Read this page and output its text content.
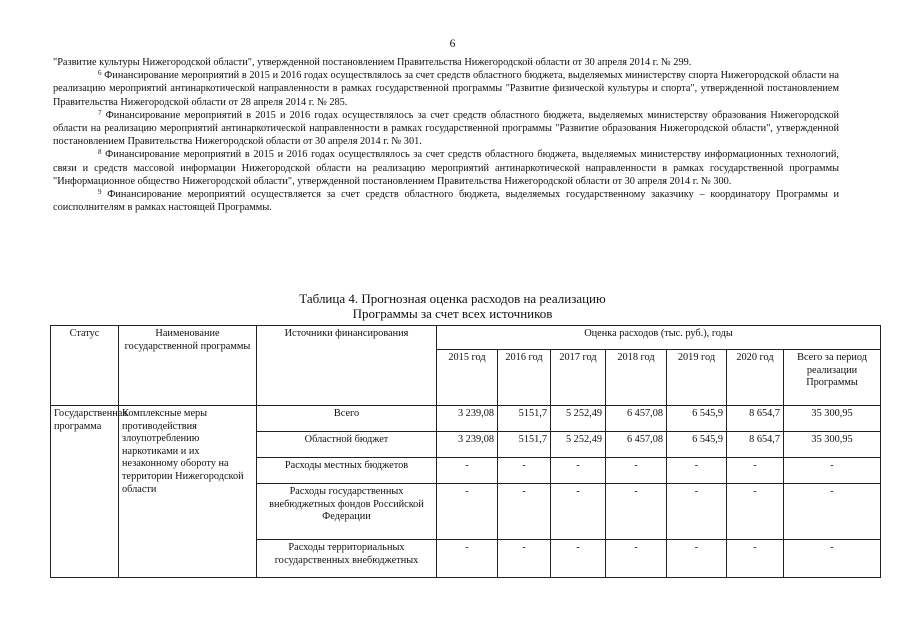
6

"Развитие культуры Нижегородской области", утвержденной постановлением Правительства Нижегородской области от 30 апреля 2014 г. № 299.

$^6$ Финансирование мероприятий в 2015 и 2016 годах осуществлялось за счет средств областного бюджета, выделяемых министерству спорта Нижегородской области на реализацию мероприятий антинаркотической направленности в рамках государственной программы "Развитие физической культуры и спорта", утвержденной постановлением Правительства Нижегородской области от 28 апреля 2014 г. № 285.

$^7$ Финансирование мероприятий в 2015 и 2016 годах осуществлялось за счет средств областного бюджета, выделяемых министерству образования Нижегородской области на реализацию мероприятий антинаркотической направленности в рамках государственной программы "Развитие образования Нижегородской области", утвержденной постановлением Правительства Нижегородской области от 30 апреля 2014 г. № 301.

$^8$ Финансирование мероприятий в 2015 и 2016 годах осуществлялось за счет средств областного бюджета, выделяемых министерству информационных технологий, связи и средств массовой информации Нижегородской области на реализацию мероприятий антинаркотической направленности в рамках государственной программы "Информационное общество Нижегородской области", утвержденной постановлением Правительства Нижегородской области от 30 апреля 2014 г. № 300.

$^9$ Финансирование мероприятий осуществляется за счет средств областного бюджета, выделяемых государственному заказчику – координатору Программы и соисполнителям в рамках настоящей Программы.

Таблица 4. Прогнозная оценка расходов на реализацию
Программы за счет всех источников
Статус	Наименование государственной программы	Источники финансирования	Оценка расходов (тыс. руб.), годы						
			2015 год	2016 год	2017 год	2018 год	2019 год	2020 год	Всего за период реализации Программы
Государственная программа	Комплексные меры противодействия злоупотреблению наркотиками и их незаконному обороту на территории Нижегородской области	Всего	3 239,08	5151,7	5 252,49	6 457,08	6 545,9	8 654,7	35 300,95
		Областной бюджет	3 239,08	5151,7	5 252,49	6 457,08	6 545,9	8 654,7	35 300,95
		Расходы местных бюджетов	-	-	-	-	-	-	-
		Расходы государственных внебюджетных фондов Российской Федерации	-	-	-	-	-	-	-
		Расходы территориальных государственных внебюджетных	-	-	-	-	-	-	-
